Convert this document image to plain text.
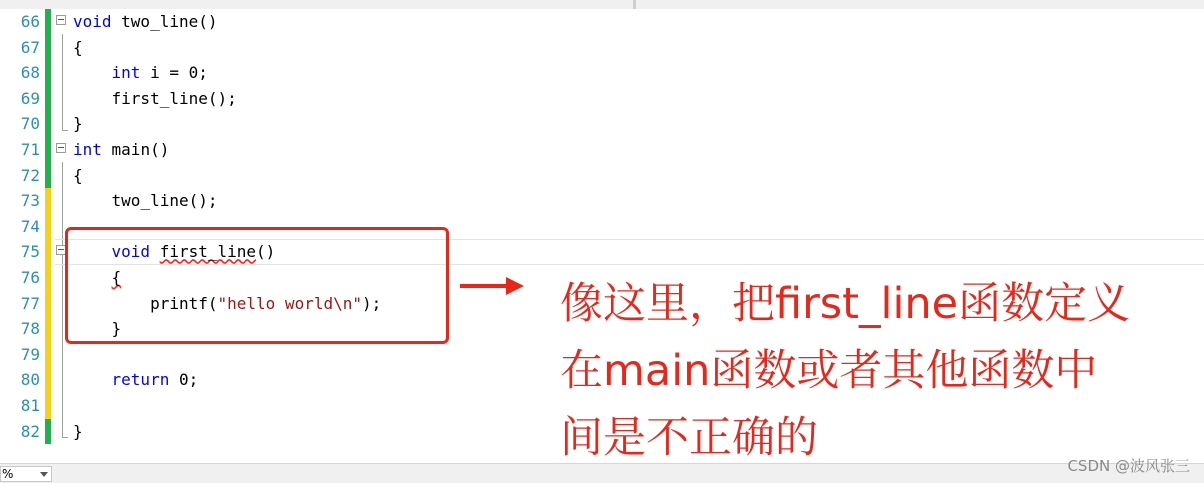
66 void two_line()
67 {
68	int i = 0;
69 first_line();
70 }
71 int main()
72 {
73 two_line();
74
75	void first_line()
76	{
77 printf("hello world\n");
78 }
79
80	return 0;
81
82 }
像这里，把first_line函数定义
在main函数或者其他函数中
间是不正确的
%	CSDN @波风张三
